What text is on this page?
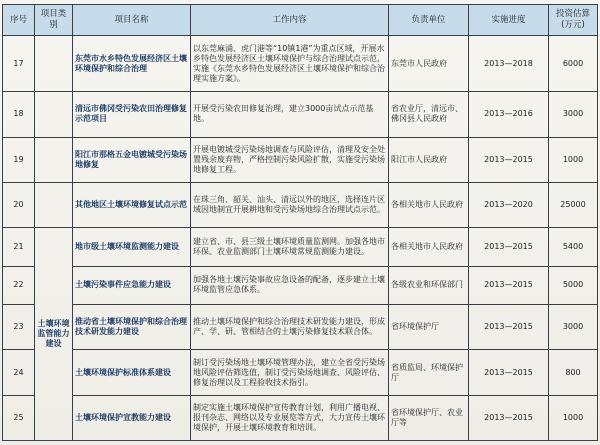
序号	项目类别	项目名称	工作内容	负责单位	实施进度	投资估算(万元)
17		东莞市水乡特色发展经济区土壤环境保护和综合治理	以东莞麻涌、虎门港等“10镇1港”为重点区域，开展水乡特色发展经济区土壤环境保护与综合治理试点示范，实施《东莞水乡特色发展经济区土壤环境保护和综合治理实施方案》。	东莞市人民政府	2013—2018	6000
18		清远市佛冈受污染农田治理修复示范项目	开展受污染农田修复治理，建立3000亩试点示范基地。	省农业厅，清远市、佛冈县人民政府	2013—2016	3000
19		阳江市那格五金电镀城受污染场地修复	开展电镀城受污染场地调查与风险评估，清理及安全处置残余废弃物，严格控制污染风险扩散，实施受污染场地修复工程。	阳江市人民政府	2013—2015	1000
20		其他地区土壤环境修复试点示范	在珠三角、韶关、汕头、清远以外的地区，选择连片区域因地制宜开展耕地和受污染场地综合治理试点示范。	各相关地市人民政府	2013—2020	25000
21	土壤环境监管能力建设	地市级土壤环境监测能力建设	建立省、市、县三级土壤环境质量监测网。加强各地市环保、农业监测部门土壤环境常规监测能力建设。	各相关地市人民政府	2013—2015	5400
22		土壤污染事件应急能力建设	加强各地土壤污染事故应急设备的配备，逐步建立土壤环境监管应急体系。	各级农业和环保部门	2013—2015	5000
23		推动省土壤环境保护和综合治理技术研发能力建设	推动土壤环境保护和综合治理技术研发能力建设，形成产、学、研、管相结合的土壤污染修复技术联合体。	省环境保护厅	2013—2015	3000
24		土壤环境保护标准体系建设	制订受污染场地土壤环境管理办法，建立全省受污染场地风险评估筛选值，制订受污染场地调查、风险评估、修复治理以及工程验收技术指引。	省质监局、环境保护厅	2013—2015	800
25		土壤环境保护宣教能力建设	制定实施土壤环境保护宣传教育计划，利用广播电视、报刊杂志、网络以及专业展览等方式，大力宣传土壤环境保护，开展土壤环境教育和培训。	省环境保护厅、农业厅等	2013—2015	1000
